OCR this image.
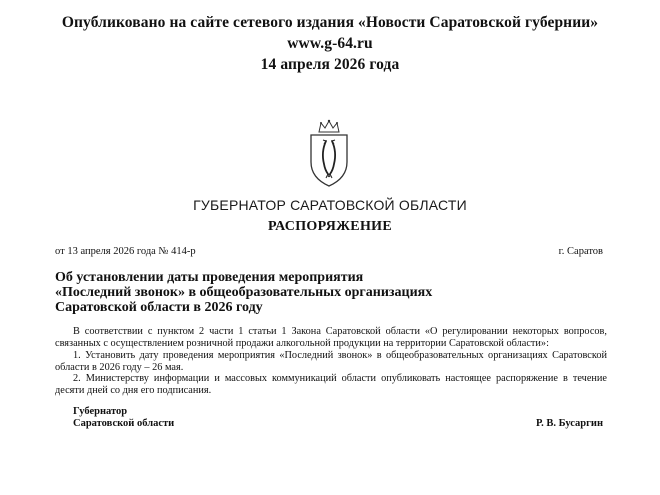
Опубликовано на сайте сетевого издания «Новости Саратовской губернии»
www.g-64.ru
14 апреля 2026 года
ГУБЕРНАТОР САРАТОВСКОЙ ОБЛАСТИ
РАСПОРЯЖЕНИЕ
от 13 апреля 2026 года № 414-р	г. Саратов
Об установлении даты проведения мероприятия
«Последний звонок» в общеобразовательных организациях
Саратовской области в 2026 году
В соответствии с пунктом 2 части 1 статьи 1 Закона Саратовской области «О регулировании некоторых вопросов, связанных с осуществлением розничной продажи алкогольной продукции на территории Саратовской области»:
1. Установить дату проведения мероприятия «Последний звонок» в общеобразовательных организациях Саратовской области в 2026 году – 26 мая.
2. Министерству информации и массовых коммуникаций области опубликовать настоящее распоряжение в течение десяти дней со дня его подписания.
Губернатор
Саратовской области	Р. В. Бусаргин
